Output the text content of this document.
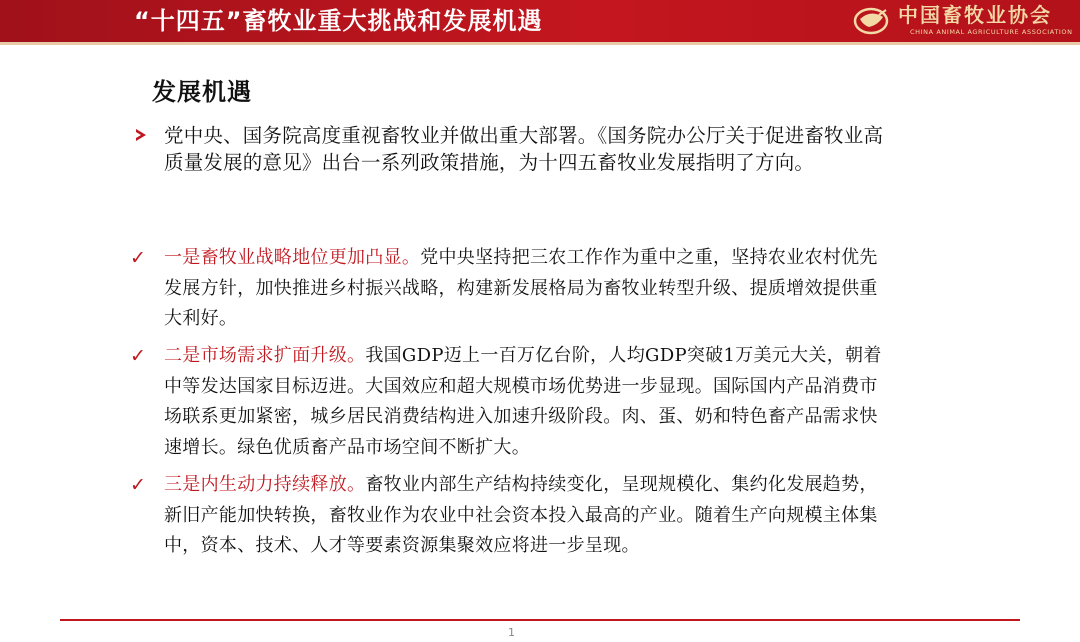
“十四五”畜牧业重大挑战和发展机遇	中国畜牧业协会
CHINA ANIMAL AGRICULTURE ASSOCIATION
发展机遇
党中央、国务院高度重视畜牧业并做出重大部署。《国务院办公厅关于促进畜牧业高质量发展的意见》出台一系列政策措施，为十四五畜牧业发展指明了方向。
✓ 一是畜牧业战略地位更加凸显。党中央坚持把三农工作作为重中之重，坚持农业农村优先发展方针，加快推进乡村振兴战略，构建新发展格局为畜牧业转型升级、提质增效提供重大利好。
✓ 二是市场需求扩面升级。我国GDP迈上一百万亿台阶，人均GDP突破1万美元大关，朝着中等发达国家目标迈进。大国效应和超大规模市场优势进一步显现。国际国内产品消费市场联系更加紧密，城乡居民消费结构进入加速升级阶段。肉、蛋、奶和特色畜产品需求快速增长。绿色优质畜产品市场空间不断扩大。
✓ 三是内生动力持续释放。畜牧业内部生产结构持续变化，呈现规模化、集约化发展趋势，新旧产能加快转换，畜牧业作为农业中社会资本投入最高的产业。随着生产向规模主体集中，资本、技术、人才等要素资源集聚效应将进一步呈现。
1
